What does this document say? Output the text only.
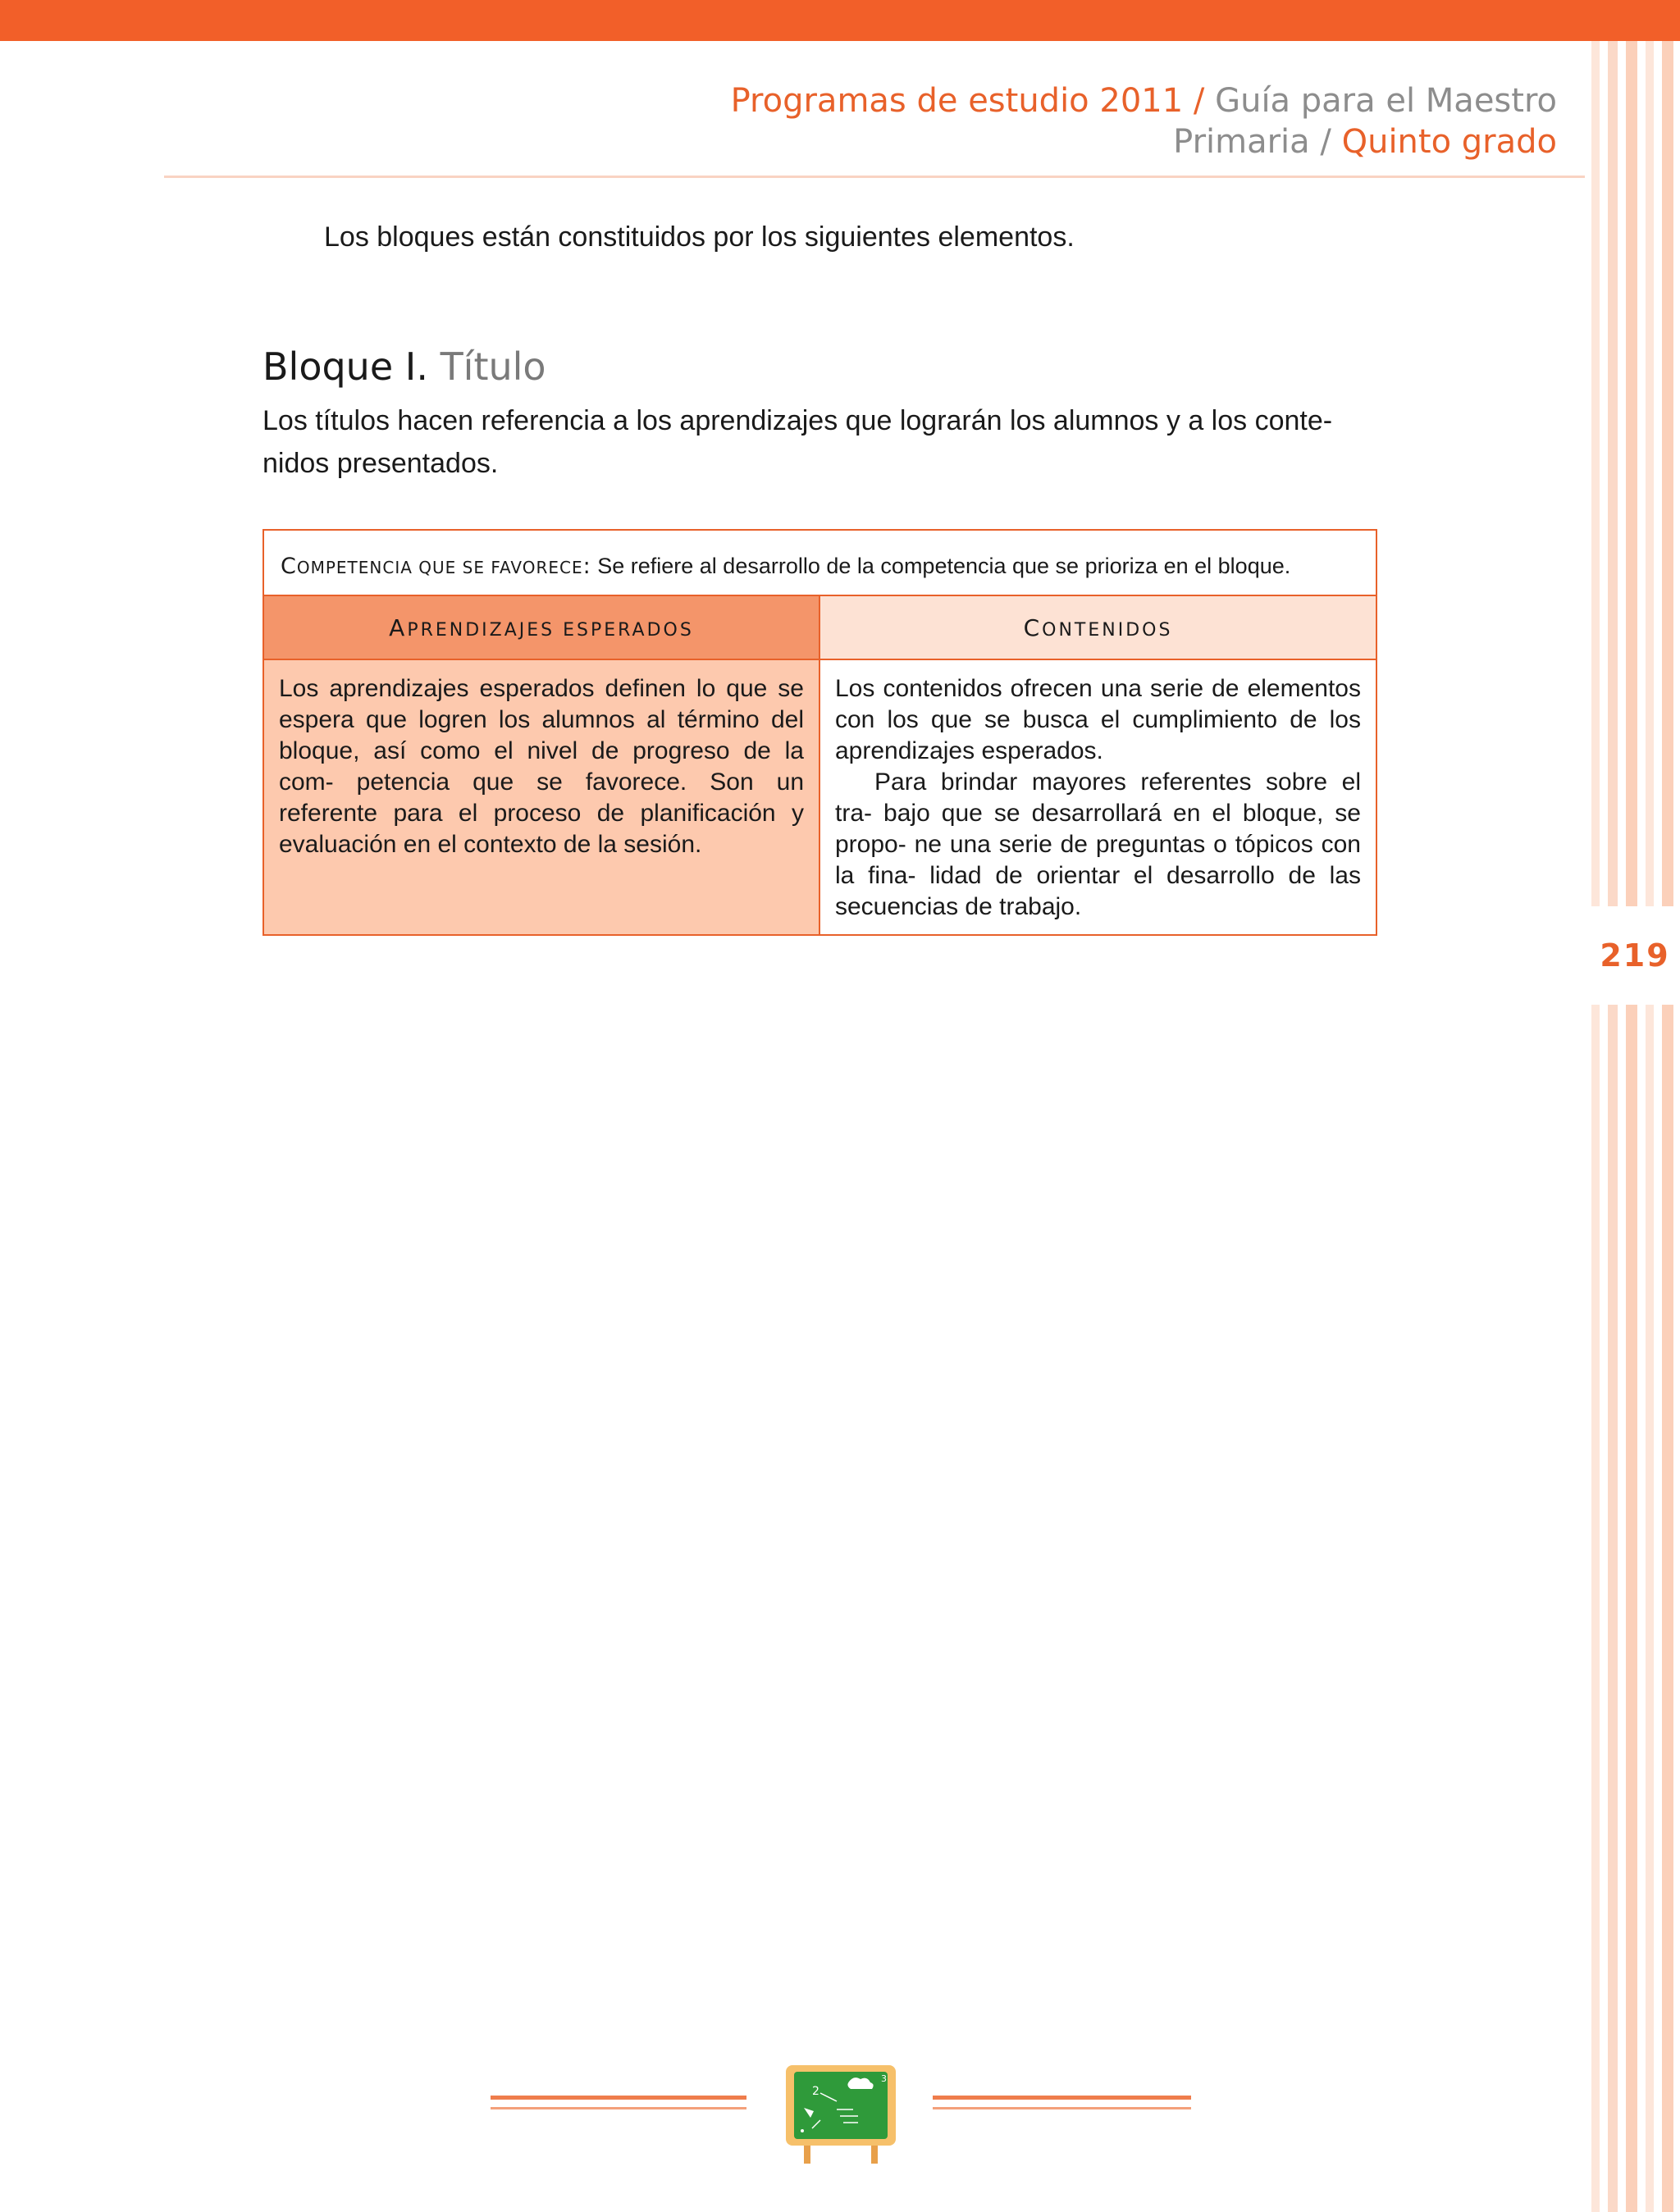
219
Programas de estudio 2011 / Guía para el Maestro
Primaria / Quinto grado
Los bloques están constituidos por los siguientes elementos.
Bloque I. Título
Los títulos hacen referencia a los aprendizajes que lograrán los alumnos y a los conte- nidos presentados.
COMPETENCIA QUE SE FAVORECE: Se refiere al desarrollo de la competencia que se prioriza en el bloque.
APRENDIZAJES ESPERADOS	CONTENIDOS
Los aprendizajes esperados definen lo que se espera que logren los alumnos al término del bloque, así como el nivel de progreso de la com- petencia que se favorece. Son un referente para el proceso de planificación y evaluación en el contexto de la sesión.

Los contenidos ofrecen una serie de elementos con los que se busca el cumplimiento de los aprendizajes esperados.

Para brindar mayores referentes sobre el tra- bajo que se desarrollará en el bloque, se propo- ne una serie de preguntas o tópicos con la fina- lidad de orientar el desarrollo de las secuencias de trabajo.

2
3
